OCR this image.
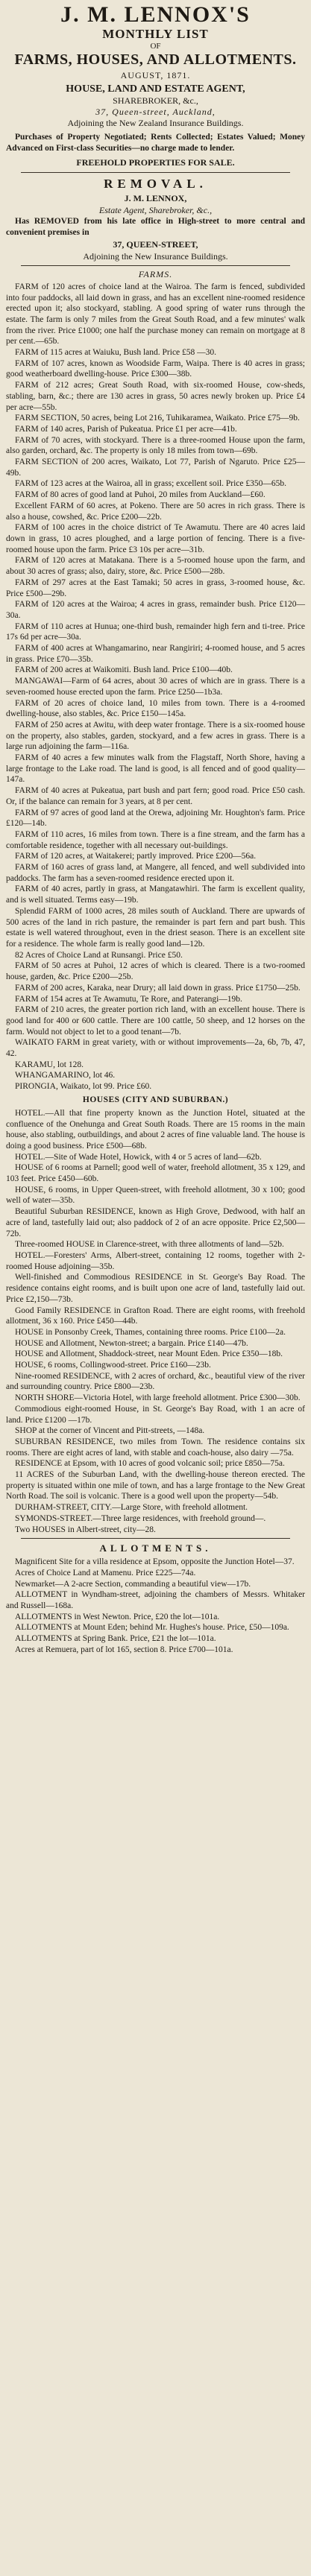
J. M. LENNOX'S
MONTHLY LIST
OF
FARMS, HOUSES, AND ALLOTMENTS.
AUGUST, 1871.
HOUSE, LAND AND ESTATE AGENT,
SHAREBROKER, &c.,
37, Queen-street, Auckland,
Adjoining the New Zealand Insurance Buildings.

Purchases of Property Negotiated; Rents Collected; Estates Valued; Money Advanced on First-class Securities—no charge made to lender.

FREEHOLD PROPERTIES FOR SALE.
REMOVAL.
J. M. LENNOX,
Estate Agent, Sharebroker, &c.,

Has REMOVED from his late office in High-street to more central and convenient premises in

37, QUEEN-STREET,
Adjoining the New Insurance Buildings.
FARMS.

FARM of 120 acres of choice land at the Wairoa. The farm is fenced, subdivided into four paddocks, all laid down in grass, and has an excellent nine-roomed residence erected upon it; also stockyard, stabling. A good spring of water runs through the estate. The farm is only 7 miles from the Great South Road, and a few minutes' walk from the river. Price £1000; one half the purchase money can remain on mortgage at 8 per cent.—65b.

FARM of 115 acres at Waiuku, Bush land. Price £58 —30.

FARM of 107 acres, known as Woodside Farm, Waipa. There is 40 acres in grass; good weatherboard dwelling-house. Price £300—38b.

FARM of 212 acres; Great South Road, with six-roomed House, cow-sheds, stabling, barn, &c.; there are 130 acres in grass, 50 acres newly broken up. Price £4 per acre—55b.

FARM SECTION, 50 acres, being Lot 216, Tuhikaramea, Waikato. Price £75—9b.

FARM of 140 acres, Parish of Pukeatua. Price £1 per acre—41b.

FARM of 70 acres, with stockyard. There is a three-roomed House upon the farm, also garden, orchard, &c. The property is only 18 miles from town—69b.

FARM SECTION of 200 acres, Waikato, Lot 77, Parish of Ngaruto. Price £25—49b.

FARM of 123 acres at the Wairoa, all in grass; excellent soil. Price £350—65b.

FARM of 80 acres of good land at Puhoi, 20 miles from Auckland—£60.

Excellent FARM of 60 acres, at Pokeno. There are 50 acres in rich grass. There is also a house, cowshed, &c. Price £200—22b.

FARM of 100 acres in the choice district of Te Awamutu. There are 40 acres laid down in grass, 10 acres ploughed, and a large portion of fencing. There is a five-roomed house upon the farm. Price £3 10s per acre—31b.

FARM of 120 acres at Matakana. There is a 5-roomed house upon the farm, and about 30 acres of grass; also, dairy, store, &c. Price £500—28b.

FARM of 297 acres at the East Tamaki; 50 acres in grass, 3-roomed house, &c. Price £500—29b.

FARM of 120 acres at the Wairoa; 4 acres in grass, remainder bush. Price £120—30a.

FARM of 110 acres at Hunua; one-third bush, remainder high fern and ti-tree. Price 17s 6d per acre—30a.

FARM of 400 acres at Whangamarino, near Rangiriri; 4-roomed house, and 5 acres in grass. Price £70—35b.

FARM of 200 acres at Waikomiti. Bush land. Price £100—40b.

MANGAWAI—Farm of 64 acres, about 30 acres of which are in grass. There is a seven-roomed house erected upon the farm. Price £250—1b3a.

FARM of 20 acres of choice land, 10 miles from town. There is a 4-roomed dwelling-house, also stables, &c. Price £150—145a.

FARM of 250 acres at Awitu, with deep water frontage. There is a six-roomed house on the property, also stables, garden, stockyard, and a few acres in grass. There is a large run adjoining the farm—116a.

FARM of 40 acres a few minutes walk from the Flagstaff, North Shore, having a large frontage to the Lake road. The land is good, is all fenced and of good quality—147a.

FARM of 40 acres at Pukeatua, part bush and part fern; good road. Price £50 cash. Or, if the balance can remain for 3 years, at 8 per cent.

FARM of 97 acres of good land at the Orewa, adjoining Mr. Houghton's farm. Price £120—14b.

FARM of 110 acres, 16 miles from town. There is a fine stream, and the farm has a comfortable residence, together with all necessary out-buildings.

FARM of 120 acres, at Waitakerei; partly improved. Price £200—56a.

FARM of 160 acres of grass land, at Mangere, all fenced, and well subdivided into paddocks. The farm has a seven-roomed residence erected upon it.

FARM of 40 acres, partly in grass, at Mangatawhiri. The farm is excellent quality, and is well situated. Terms easy—19b.

Splendid FARM of 1000 acres, 28 miles south of Auckland. There are upwards of 500 acres of the land in rich pasture, the remainder is part fern and part bush. This estate is well watered throughout, even in the driest season. There is an excellent site for a residence. The whole farm is really good land—12b.

82 Acres of Choice Land at Runsangi. Price £50.

FARM of 50 acres at Puhoi, 12 acres of which is cleared. There is a two-roomed house, garden, &c. Price £200—25b.

FARM of 200 acres, Karaka, near Drury; all laid down in grass. Price £1750—25b.

FARM of 154 acres at Te Awamutu, Te Rore, and Paterangi—19b.

FARM of 210 acres, the greater portion rich land, with an excellent house. There is good land for 400 or 600 cattle. There are 100 cattle, 50 sheep, and 12 horses on the farm. Would not object to let to a good tenant—7b.

WAIKATO FARM in great variety, with or without improvements—2a, 6b, 7b, 47, 42.

KARAMU, lot 128.

WHANGAMARINO, lot 46.

PIRONGIA, Waikato, lot 99. Price £60.

HOUSES (CITY AND SUBURBAN.)

HOTEL.—All that fine property known as the Junction Hotel, situated at the confluence of the Onehunga and Great South Roads. There are 15 rooms in the main house, also stabling, outbuildings, and about 2 acres of fine valuable land. The house is doing a good business. Price £500—68b.

HOTEL.—Site of Wade Hotel, Howick, with 4 or 5 acres of land—62b.

HOUSE of 6 rooms at Parnell; good well of water, freehold allotment, 35 x 129, and 103 feet. Price £450—60b.

HOUSE, 6 rooms, in Upper Queen-street, with freehold allotment, 30 x 100; good well of water—35b.

Beautiful Suburban RESIDENCE, known as High Grove, Dedwood, with half an acre of land, tastefully laid out; also paddock of 2 of an acre opposite. Price £2,500—72b.

Three-roomed HOUSE in Clarence-street, with three allotments of land—52b.

HOTEL.—Foresters' Arms, Albert-street, containing 12 rooms, together with 2-roomed House adjoining—35b.

Well-finished and Commodious RESIDENCE in St. George's Bay Road. The residence contains eight rooms, and is built upon one acre of land, tastefully laid out. Price £2,150—73b.

Good Family RESIDENCE in Grafton Road. There are eight rooms, with freehold allotment, 36 x 160. Price £450—44b.

HOUSE in Ponsonby Creek, Thames, containing three rooms. Price £100—2a.

HOUSE and Allotment, Newton-street; a bargain. Price £140—47b.

HOUSE and Allotment, Shaddock-street, near Mount Eden. Price £350—18b.

HOUSE, 6 rooms, Collingwood-street. Price £160—23b.

Nine-roomed RESIDENCE, with 2 acres of orchard, &c., beautiful view of the river and surrounding country. Price £800—23b.

NORTH SHORE—Victoria Hotel, with large freehold allotment. Price £300—30b.

Commodious eight-roomed House, in St. George's Bay Road, with 1 an acre of land. Price £1200 —17b.

SHOP at the corner of Vincent and Pitt-streets, —148a.

SUBURBAN RESIDENCE, two miles from Town. The residence contains six rooms. There are eight acres of land, with stable and coach-house, also dairy —75a.

RESIDENCE at Epsom, with 10 acres of good volcanic soil; price £850—75a.

11 ACRES of the Suburban Land, with the dwelling-house thereon erected. The property is situated within one mile of town, and has a large frontage to the New Great North Road. The soil is volcanic. There is a good well upon the property—54b.

DURHAM-STREET, CITY.—Large Store, with freehold allotment.

SYMONDS-STREET.—Three large residences, with freehold ground—.

Two HOUSES in Albert-street, city—28.

ALLOTMENTS.

Magnificent Site for a villa residence at Epsom, opposite the Junction Hotel—37.

Acres of Choice Land at Mamenu. Price £225—74a.

Newmarket—A 2-acre Section, commanding a beautiful view—17b.

ALLOTMENT in Wyndham-street, adjoining the chambers of Messrs. Whitaker and Russell—168a.

ALLOTMENTS in West Newton. Price, £20 the lot—101a.

ALLOTMENTS at Mount Eden; behind Mr. Hughes's house. Price, £50—109a.

ALLOTMENTS at Spring Bank. Price, £21 the lot—101a.

Acres at Remuera, part of lot 165, section 8. Price £700—101a.
